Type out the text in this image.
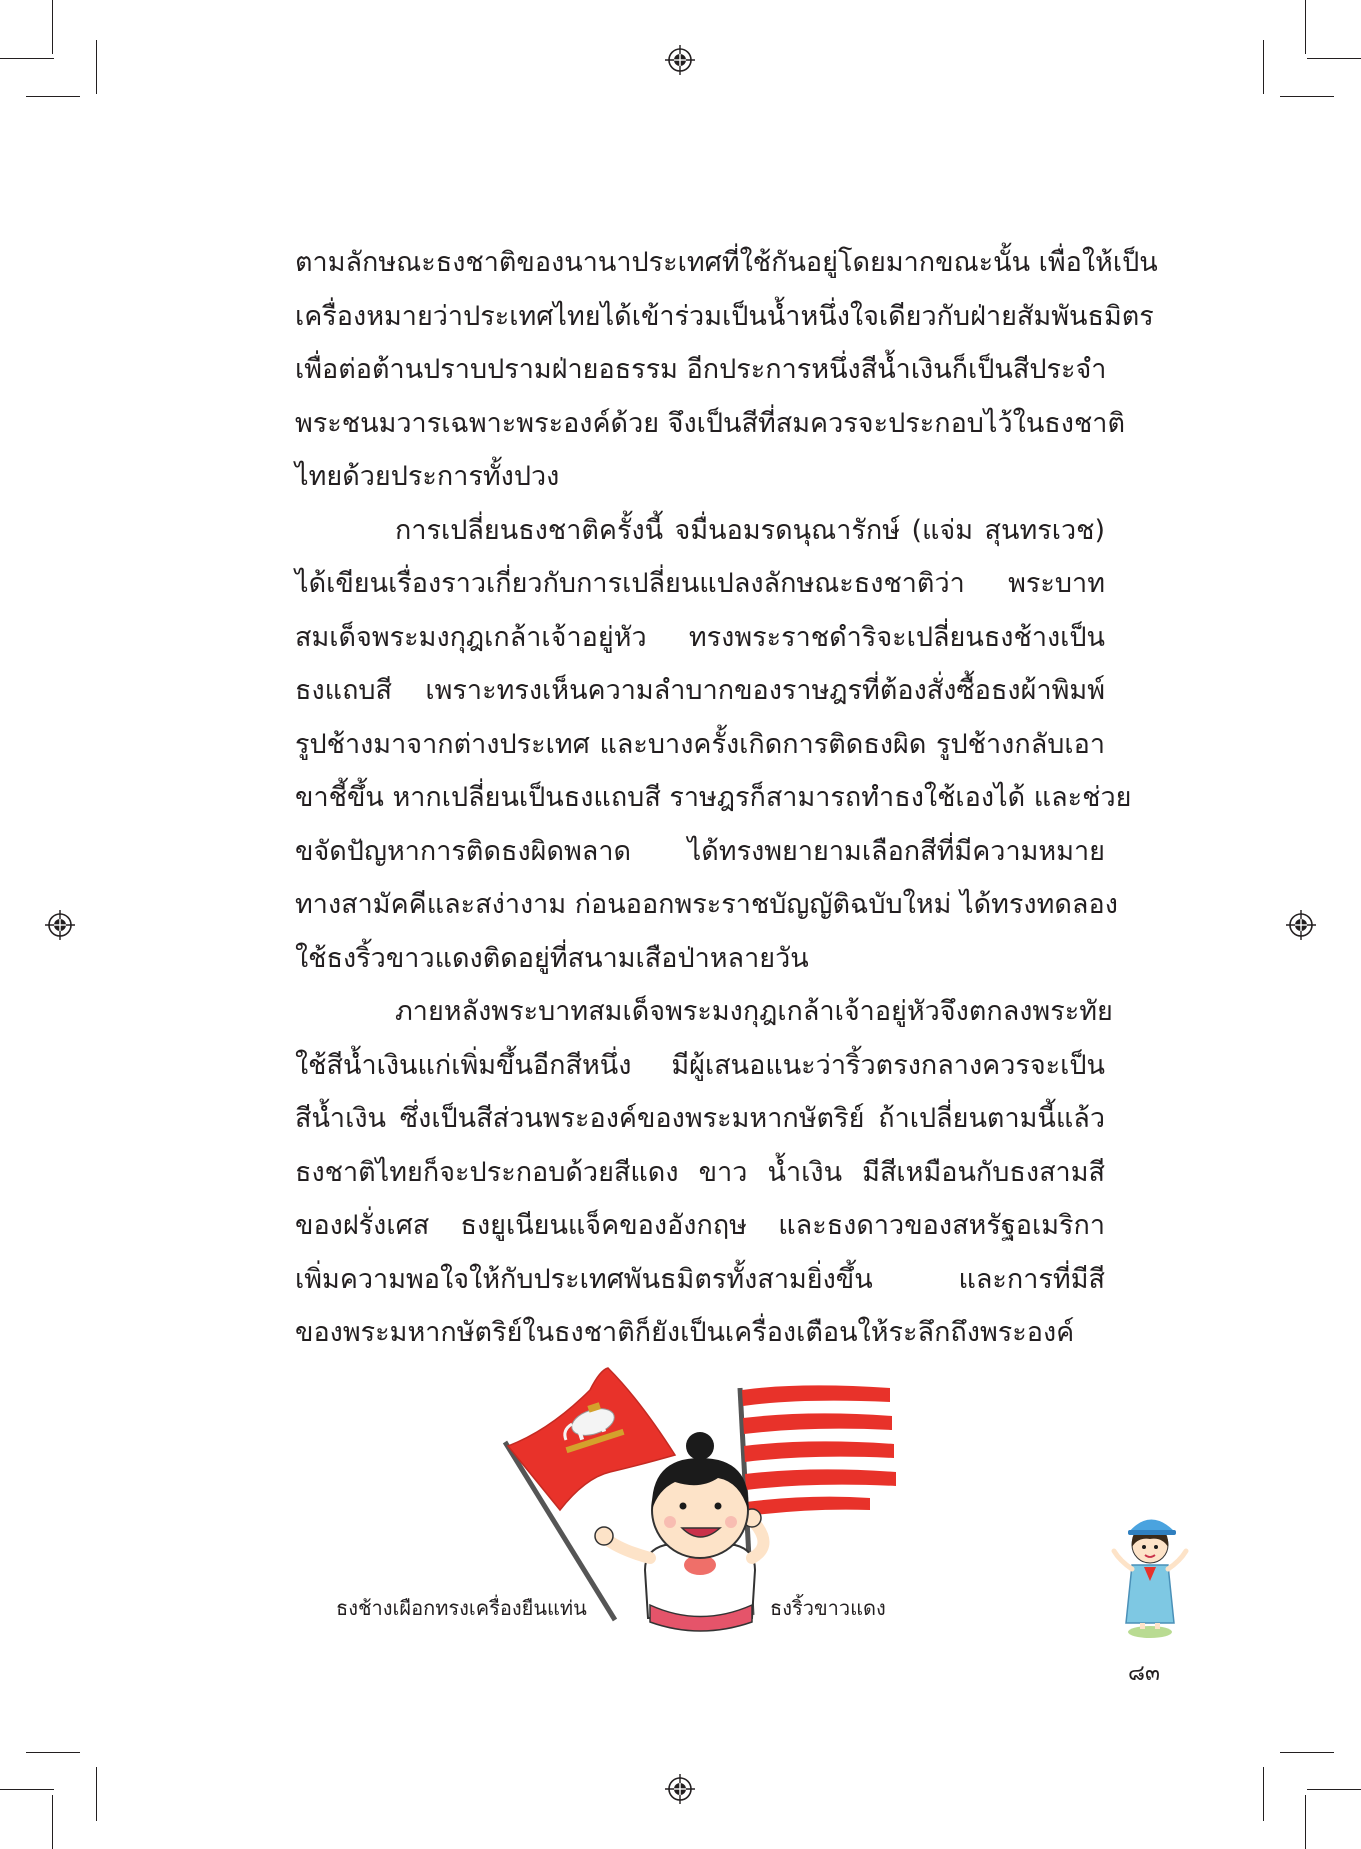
ตามลักษณะธงชาติของนานาประเทศที่ใช้กันอยู่โดยมากขณะนั้น เพื่อให้เป็น
เครื่องหมายว่าประเทศไทยได้เข้าร่วมเป็นน้ำหนึ่งใจเดียวกับฝ่ายสัมพันธมิตร
เพื่อต่อต้านปราบปรามฝ่ายอธรรม อีกประการหนึ่งสีน้ำเงินก็เป็นสีประจำ
พระชนมวารเฉพาะพระองค์ด้วย จึงเป็นสีที่สมควรจะประกอบไว้ในธงชาติ
ไทยด้วยประการทั้งปวง
การเปลี่ยนธงชาติครั้งนี้ จมื่นอมรดนุณารักษ์ (แจ่ม สุนทรเวช)
ได้เขียนเรื่องราวเกี่ยวกับการเปลี่ยนแปลงลักษณะธงชาติว่า พระบาท
สมเด็จพระมงกุฎเกล้าเจ้าอยู่หัว ทรงพระราชดำริจะเปลี่ยนธงช้างเป็น
ธงแถบสี เพราะทรงเห็นความลำบากของราษฎรที่ต้องสั่งซื้อธงผ้าพิมพ์
รูปช้างมาจากต่างประเทศ และบางครั้งเกิดการติดธงผิด รูปช้างกลับเอา
ขาชี้ขึ้น หากเปลี่ยนเป็นธงแถบสี ราษฎรก็สามารถทำธงใช้เองได้ และช่วย
ขจัดปัญหาการติดธงผิดพลาด ได้ทรงพยายามเลือกสีที่มีความหมาย
ทางสามัคคีและสง่างาม ก่อนออกพระราชบัญญัติฉบับใหม่ ได้ทรงทดลอง
ใช้ธงริ้วขาวแดงติดอยู่ที่สนามเสือป่าหลายวัน
ภายหลังพระบาทสมเด็จพระมงกุฎเกล้าเจ้าอยู่หัวจึงตกลงพระทัย
ใช้สีน้ำเงินแก่เพิ่มขึ้นอีกสีหนึ่ง มีผู้เสนอแนะว่าริ้วตรงกลางควรจะเป็น
สีน้ำเงิน ซึ่งเป็นสีส่วนพระองค์ของพระมหากษัตริย์ ถ้าเปลี่ยนตามนี้แล้ว
ธงชาติไทยก็จะประกอบด้วยสีแดง ขาว น้ำเงิน มีสีเหมือนกับธงสามสี
ของฝรั่งเศส ธงยูเนียนแจ็คของอังกฤษ และธงดาวของสหรัฐอเมริกา
เพิ่มความพอใจให้กับประเทศพันธมิตรทั้งสามยิ่งขึ้น และการที่มีสี
ของพระมหากษัตริย์ในธงชาติก็ยังเป็นเครื่องเตือนให้ระลึกถึงพระองค์
ธงช้างเผือกทรงเครื่องยืนแท่น	ธงริ้วขาวแดง
๘๓
